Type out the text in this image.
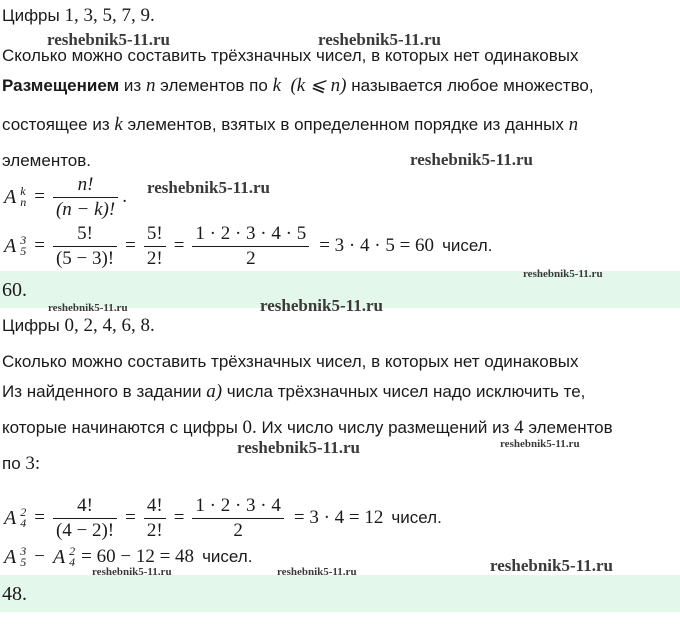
Цифры 1, 3, 5, 7, 9.
Сколько можно составить трёхзначных чисел, в которых нет одинаковых
Размещением из n элементов по k (k ⩽ n) называется любое множество,
состоящее из k элементов, взятых в определенном порядке из данных n
элементов.
A k
$n = \frac{n!}{(n - k)!}$ .
A 3
$5 = \frac{5!}{(5 - 3)!} = \frac{5!}{2!} = \frac{1 \cdot 2 \cdot 3 \cdot 4 \cdot 5}{2} = 3 \cdot 4 \cdot 5 = 60$ чисел.
60.
Цифры 0, 2, 4, 6, 8.
Сколько можно составить трёхзначных чисел, в которых нет одинаковых
Из найденного в задании a) числа трёхзначных чисел надо исключить те,
которые начинаются с цифры 0. Их число числу размещений из 4 элементов
по 3:
A 2
$4 = \frac{4!}{(4 - 2)!} = \frac{4!}{2!} = \frac{1 \cdot 2 \cdot 3 \cdot 4}{2} = 3 \cdot 4 = 12$ чисел.
A 3
5 − A 2
4 = 60 − 12 = 48 чисел.
48.
reshebnik5-11.ru	reshebnik5-11.ru
reshebnik5-11.ru
reshebnik5-11.ru
reshebnik5-11.ru
reshebnik5-11.ru	reshebnik5-11.ru
reshebnik5-11.ru	reshebnik5-11.ru
reshebnik5-11.ru	reshebnik5-11.ru	reshebnik5-11.ru
